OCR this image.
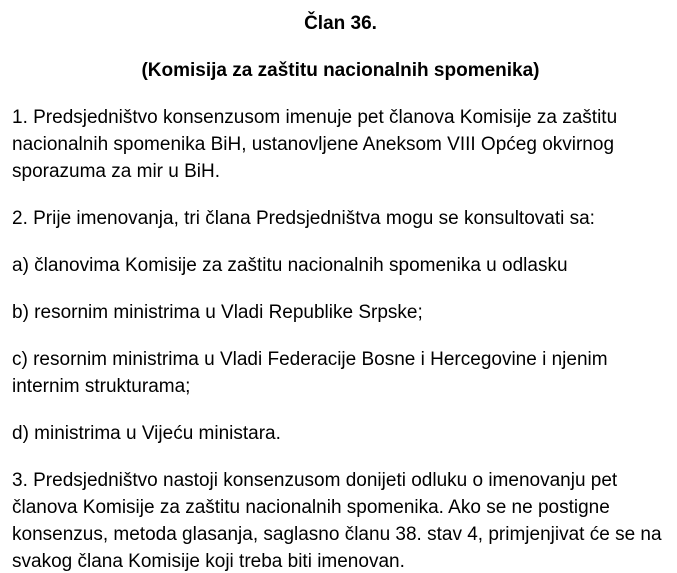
Član 36.

(Komisija za zaštitu nacionalnih spomenika)

1. Predsjedništvo konsenzusom imenuje pet članova Komisije za zaštitu nacionalnih spomenika BiH, ustanovljene Aneksom VIII Općeg okvirnog sporazuma za mir u BiH.

2. Prije imenovanja, tri člana Predsjedništva mogu se konsultovati sa:

a) članovima Komisije za zaštitu nacionalnih spomenika u odlasku

b) resornim ministrima u Vladi Republike Srpske;

c) resornim ministrima u Vladi Federacije Bosne i Hercegovine i njenim internim strukturama;

d) ministrima u Vijeću ministara.

3. Predsjedništvo nastoji konsenzusom donijeti odluku o imenovanju pet članova Komisije za zaštitu nacionalnih spomenika. Ako se ne postigne konsenzus, metoda glasanja, saglasno članu 38. stav 4, primjenjivat će se na svakog člana Komisije koji treba biti imenovan.
